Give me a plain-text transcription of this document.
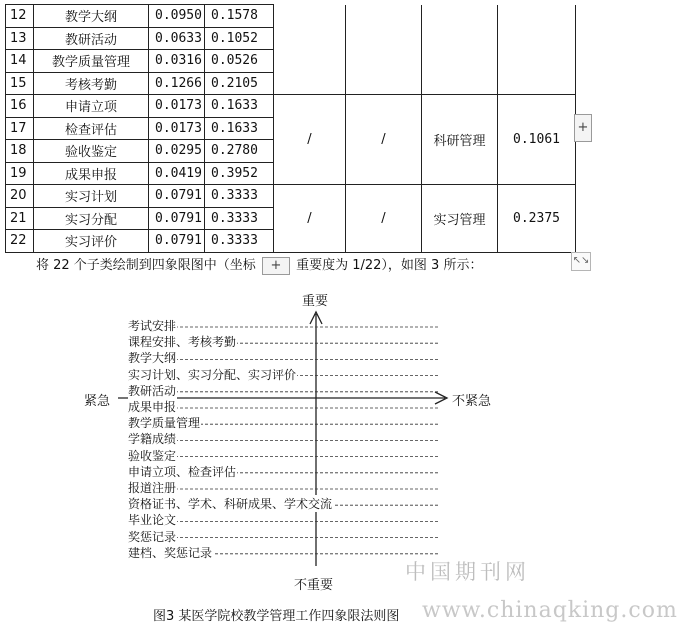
12	教学大纲	0.0950	0.1578				
13	教研活动	0.0633	0.1052				
14	教学质量管理	0.0316	0.0526				
15	考核考勤	0.1266	0.2105				
16	申请立项	0.0173	0.1633	/	/	科研管理	0.1061
17	检查评估	0.0173	0.1633				
18	验收鉴定	0.0295	0.2780				
19	成果申报	0.0419	0.3952				
20	实习计划	0.0791	0.3333	/	/	实习管理	0.2375
21	实习分配	0.0791	0.3333				
22	实习评价	0.0791	0.3333				
+
将 22 个子类绘制到四象限图中（坐标 + 重要度为 1/22），如图 3 所示：	↖↘
重要
不重要
紧急	不紧急
考试安排
课程安排、考核考勤
教学大纲
实习计划、实习分配、实习评价
教研活动
成果申报
教学质量管理
学籍成绩
验收鉴定
申请立项、检查评估
报道注册
资格证书、学术、科研成果、学术交流
毕业论文
奖惩记录
建档、奖惩记录
图3 某医学院校教学管理工作四象限法则图
中国期刊网
www.chinaqking.com
